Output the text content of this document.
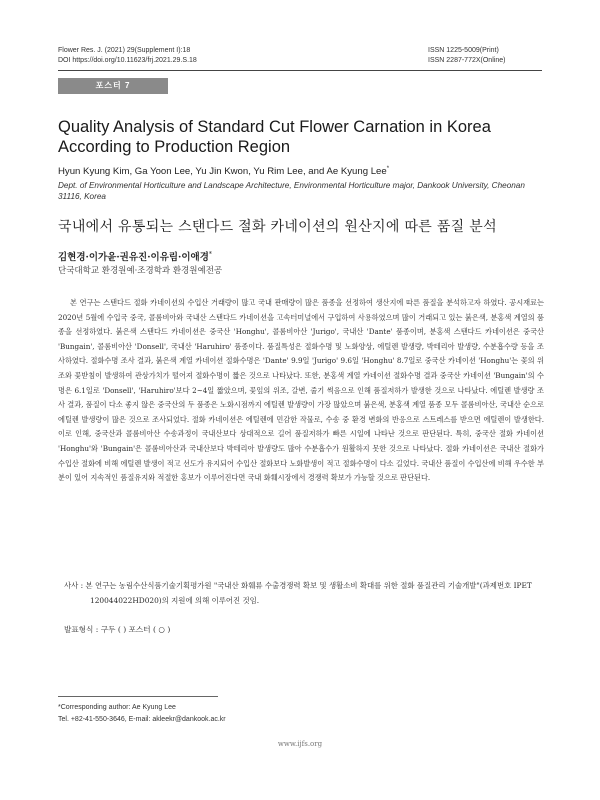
Flower Res. J. (2021) 29(Supplement I):18
DOI https://doi.org/10.11623/frj.2021.29.S.18
ISSN 1225-5009(Print)
ISSN 2287-772X(Online)
포스터 7
Quality Analysis of Standard Cut Flower Carnation in Korea According to Production Region
Hyun Kyung Kim, Ga Yoon Lee, Yu Jin Kwon, Yu Rim Lee, and Ae Kyung Lee*
Dept. of Environmental Horticulture and Landscape Architecture, Environmental Horticulture major, Dankook University, Cheonan 31116, Korea
국내에서 유통되는 스탠다드 절화 카네이션의 원산지에 따른 품질 분석
김현경·이가윤·권유진·이유림·이애경*
단국대학교 환경원예·조경학과 환경원예전공

본 연구는 스탠다드 절화 카네이션의 수입산 거래량이 많고 국내 판매량이 많은 품종을 선정하여 생산지에 따른 품질을 분석하고자 하였다. 공시재료는 2020년 5월에 수입국 중국, 콜롬비아와 국내산 스탠다드 카네이션을 고속터미널에서 구입하여 사용하였으며 많이 거래되고 있는 붉은색, 분홍색 계열의 품종을 선정하였다. 붉은색 스탠다드 카네이션은 중국산 'Honghu', 콜롬비아산 'Jurigo', 국내산 'Dante' 품종이며, 분홍색 스탠다드 카네이션은 중국산 'Bungain', 콜롬비아산 'Donsell', 국내산 'Haruhiro' 품종이다. 품질특성은 절화수명 및 노화양상, 에틸렌 발생량, 박테리아 발생량, 수분흡수량 등을 조사하였다. 절화수명 조사 결과, 붉은색 계열 카네이션 절화수명은 'Dante' 9.9일 'Jurigo' 9.6일 'Honghu' 8.7일로 중국산 카네이션 'Honghu'는 꽃의 위조와 꽃받침이 발생하여 관상가치가 떨어져 절화수명이 짧은 것으로 나타났다. 또한, 분홍색 계열 카네이션 절화수명 결과 중국산 카네이션 'Bungain'의 수명은 6.1일로 'Donsell', 'Haruhiro'보다 2~4일 짧았으며, 꽃잎의 위조, 갈변, 줄기 썩음으로 인해 품질저하가 발생한 것으로 나타났다. 에틸렌 발생량 조사 결과, 품질이 다소 좋지 않은 중국산의 두 품종은 노화시점까지 에틸렌 발생량이 가장 많았으며 붉은색, 분홍색 계열 품종 모두 콜롬비아산, 국내산 순으로 에틸렌 발생량이 많은 것으로 조사되었다. 절화 카네이션은 에틸렌에 민감한 작물로, 수송 중 환경 변화의 반응으로 스트레스를 받으면 에틸렌이 발생한다. 이로 인해, 중국산과 콜롬비아산 수송과정이 국내산보다 상대적으로 길어 품질저하가 빠른 시일에 나타난 것으로 판단된다. 특히, 중국산 절화 카네이션 'Honghu'와 'Bungain'은 콜롬비아산과 국내산보다 박테리아 발생량도 많아 수분흡수가 원활하지 못한 것으로 나타났다. 절화 카네이션은 국내산 절화가 수입산 절화에 비해 에틸렌 발생이 적고 선도가 유지되어 수입산 절화보다 노화발생이 적고 절화수명이 다소 길었다. 국내산 품질이 수입산에 비해 우수한 부분이 있어 지속적인 품질유지와 적절한 홍보가 이루어진다면 국내 화훼시장에서 경쟁력 확보가 가능할 것으로 판단된다.

사사 : 본 연구는 농림수산식품기술기획평가원 "국내산 화훼류 수출경쟁력 확보 및 생활소비 확대를 위한 절화 품질관리 기술개발"(과제번호 IPET 120044022HD020)의 지원에 의해 이루어진 것임.

발표형식 : 구두 ( ) 포스터 ( ○ )
*Corresponding author: Ae Kyung Lee
Tel. +82-41-550-3646, E-mail: akleekr@dankook.ac.kr
www.ijfs.org
